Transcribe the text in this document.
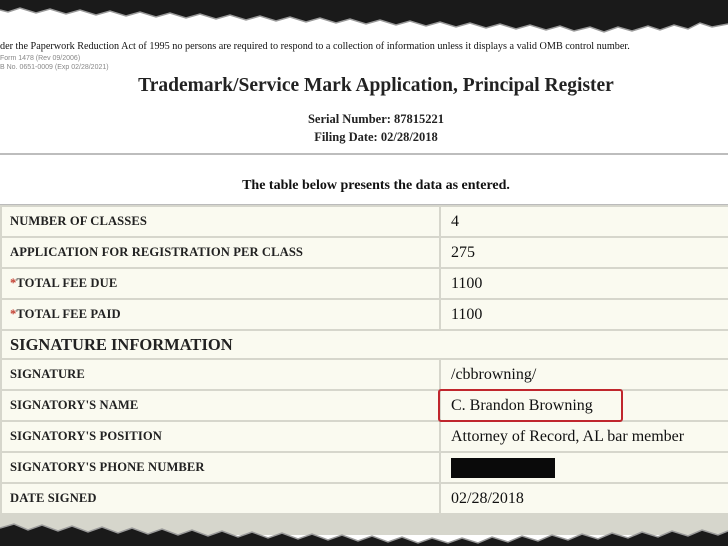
der the Paperwork Reduction Act of 1995 no persons are required to respond to a collection of information unless it displays a valid OMB control number.
Form 1478 (Rev 09/2006)
B No. 0651-0009 (Exp 02/28/2021)
Trademark/Service Mark Application, Principal Register
Serial Number: 87815221
Filing Date: 02/28/2018
The table below presents the data as entered.
NUMBER OF CLASSES	4
APPLICATION FOR REGISTRATION PER CLASS	275
*TOTAL FEE DUE	1100
*TOTAL FEE PAID	1100
SIGNATURE INFORMATION	
SIGNATURE	/cbbrowning/
SIGNATORY'S NAME	C. Brandon Browning
SIGNATORY'S POSITION	Attorney of Record, AL bar member
SIGNATORY'S PHONE NUMBER	
DATE SIGNED	02/28/2018
